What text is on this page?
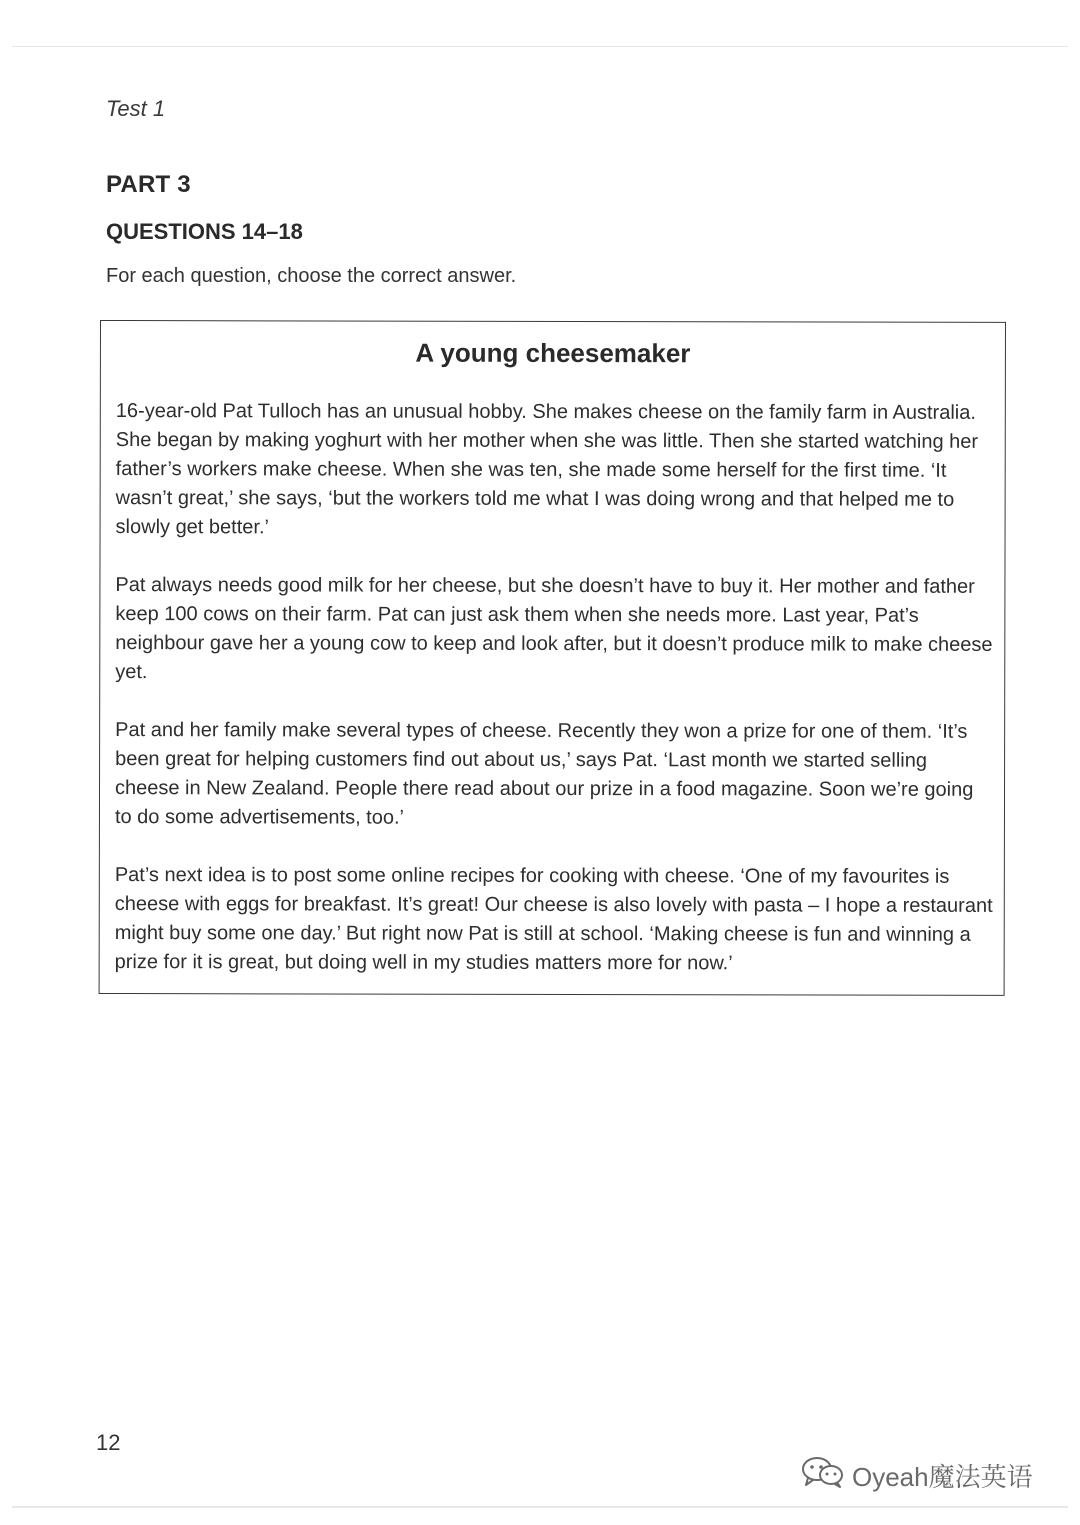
Test 1
PART 3
QUESTIONS 14–18
For each question, choose the correct answer.
A young cheesemaker

16-year-old Pat Tulloch has an unusual hobby. She makes cheese on the family farm in Australia. She began by making yoghurt with her mother when she was little. Then she started watching her father’s workers make cheese. When she was ten, she made some herself for the first time. ‘It wasn’t great,’ she says, ‘but the workers told me what I was doing wrong and that helped me to slowly get better.’

Pat always needs good milk for her cheese, but she doesn’t have to buy it. Her mother and father keep 100 cows on their farm. Pat can just ask them when she needs more. Last year, Pat’s neighbour gave her a young cow to keep and look after, but it doesn’t produce milk to make cheese yet.

Pat and her family make several types of cheese. Recently they won a prize for one of them. ‘It’s been great for helping customers find out about us,’ says Pat. ‘Last month we started selling cheese in New Zealand. People there read about our prize in a food magazine. Soon we’re going to do some advertisements, too.’

Pat’s next idea is to post some online recipes for cooking with cheese. ‘One of my favourites is cheese with eggs for breakfast. It’s great! Our cheese is also lovely with pasta – I hope a restaurant might buy some one day.’ But right now Pat is still at school. ‘Making cheese is fun and winning a prize for it is great, but doing well in my studies matters more for now.’

12
Oyeah魔法英语
